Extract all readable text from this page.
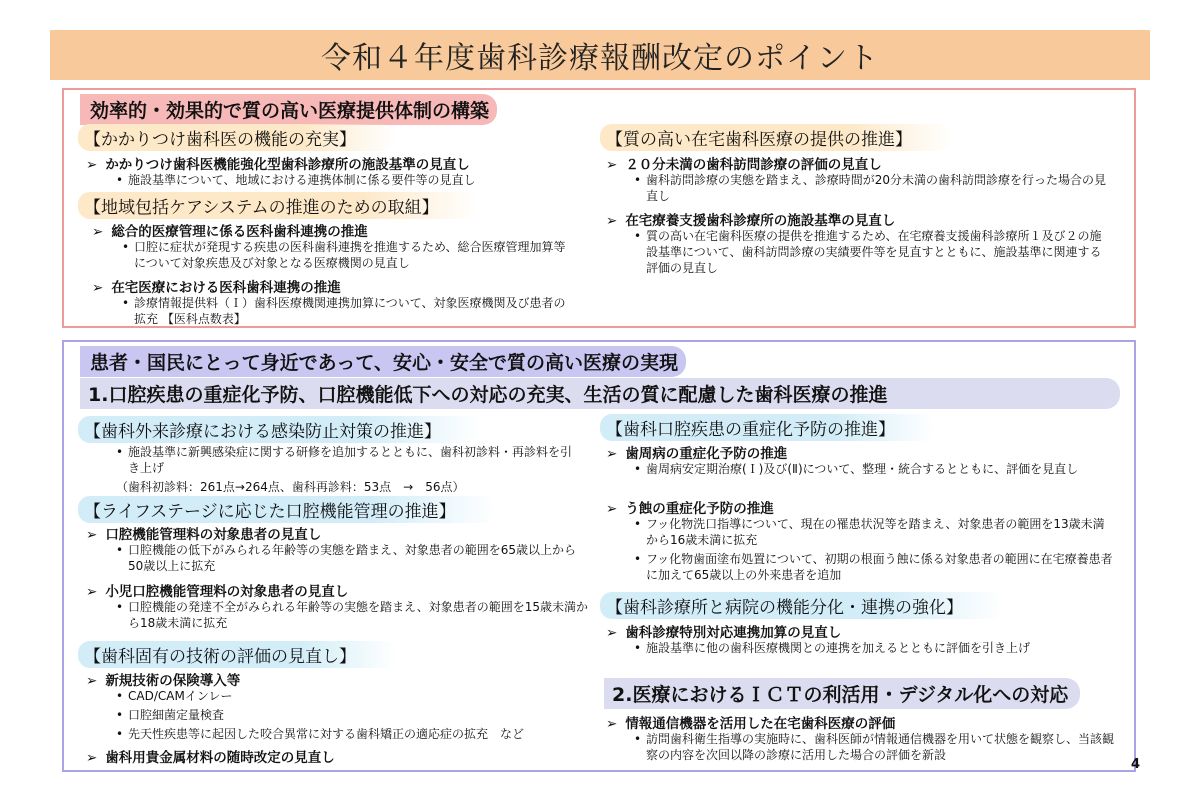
令和４年度歯科診療報酬改定のポイント
効率的・効果的で質の高い医療提供体制の構築
【かかりつけ歯科医の機能の充実】
➢ かかりつけ歯科医機能強化型歯科診療所の施設基準の見直し
• 施設基準について、地域における連携体制に係る要件等の見直し
【地域包括ケアシステムの推進のための取組】
➢ 総合的医療管理に係る医科歯科連携の推進
• 口腔に症状が発現する疾患の医科歯科連携を推進するため、総合医療管理加算等について対象疾患及び対象となる医療機関の見直し
➢ 在宅医療における医科歯科連携の推進
• 診療情報提供料（Ｉ）歯科医療機関連携加算について、対象医療機関及び患者の拡充 【医科点数表】
【質の高い在宅歯科医療の提供の推進】
➢ ２０分未満の歯科訪問診療の評価の見直し
• 歯科訪問診療の実態を踏まえ、診療時間が20分未満の歯科訪問診療を行った場合の見直し
➢ 在宅療養支援歯科診療所の施設基準の見直し
• 質の高い在宅歯科医療の提供を推進するため、在宅療養支援歯科診療所１及び２の施設基準について、歯科訪問診療の実績要件等を見直すとともに、施設基準に関連する評価の見直し
患者・国民にとって身近であって、安心・安全で質の高い医療の実現
1.口腔疾患の重症化予防、口腔機能低下への対応の充実、生活の質に配慮した歯科医療の推進
【歯科外来診療における感染防止対策の推進】
• 施設基準に新興感染症に関する研修を追加するとともに、歯科初診料・再診料を引き上げ
（歯科初診料：261点→264点、歯科再診料：53点　→　56点）
【ライフステージに応じた口腔機能管理の推進】
➢ 口腔機能管理料の対象患者の見直し
• 口腔機能の低下がみられる年齢等の実態を踏まえ、対象患者の範囲を65歳以上から50歳以上に拡充
➢ 小児口腔機能管理料の対象患者の見直し
• 口腔機能の発達不全がみられる年齢等の実態を踏まえ、対象患者の範囲を15歳未満から18歳未満に拡充
【歯科固有の技術の評価の見直し】
➢ 新規技術の保険導入等
• CAD/CAMインレー
• 口腔細菌定量検査
• 先天性疾患等に起因した咬合異常に対する歯科矯正の適応症の拡充　など
➢ 歯科用貴金属材料の随時改定の見直し
【歯科口腔疾患の重症化予防の推進】
➢ 歯周病の重症化予防の推進
• 歯周病安定期治療(Ｉ)及び(Ⅱ)について、整理・統合するとともに、評価を見直し
➢ う蝕の重症化予防の推進
• フッ化物洗口指導について、現在の罹患状況等を踏まえ、対象患者の範囲を13歳未満から16歳未満に拡充
• フッ化物歯面塗布処置について、初期の根面う蝕に係る対象患者の範囲に在宅療養患者に加えて65歳以上の外来患者を追加
【歯科診療所と病院の機能分化・連携の強化】
➢ 歯科診療特別対応連携加算の見直し
• 施設基準に他の歯科医療機関との連携を加えるとともに評価を引き上げ
2.医療におけるＩＣＴの利活用・デジタル化への対応
➢ 情報通信機器を活用した在宅歯科医療の評価
• 訪問歯科衛生指導の実施時に、歯科医師が情報通信機器を用いて状態を観察し、当該観察の内容を次回以降の診療に活用した場合の評価を新設
4
